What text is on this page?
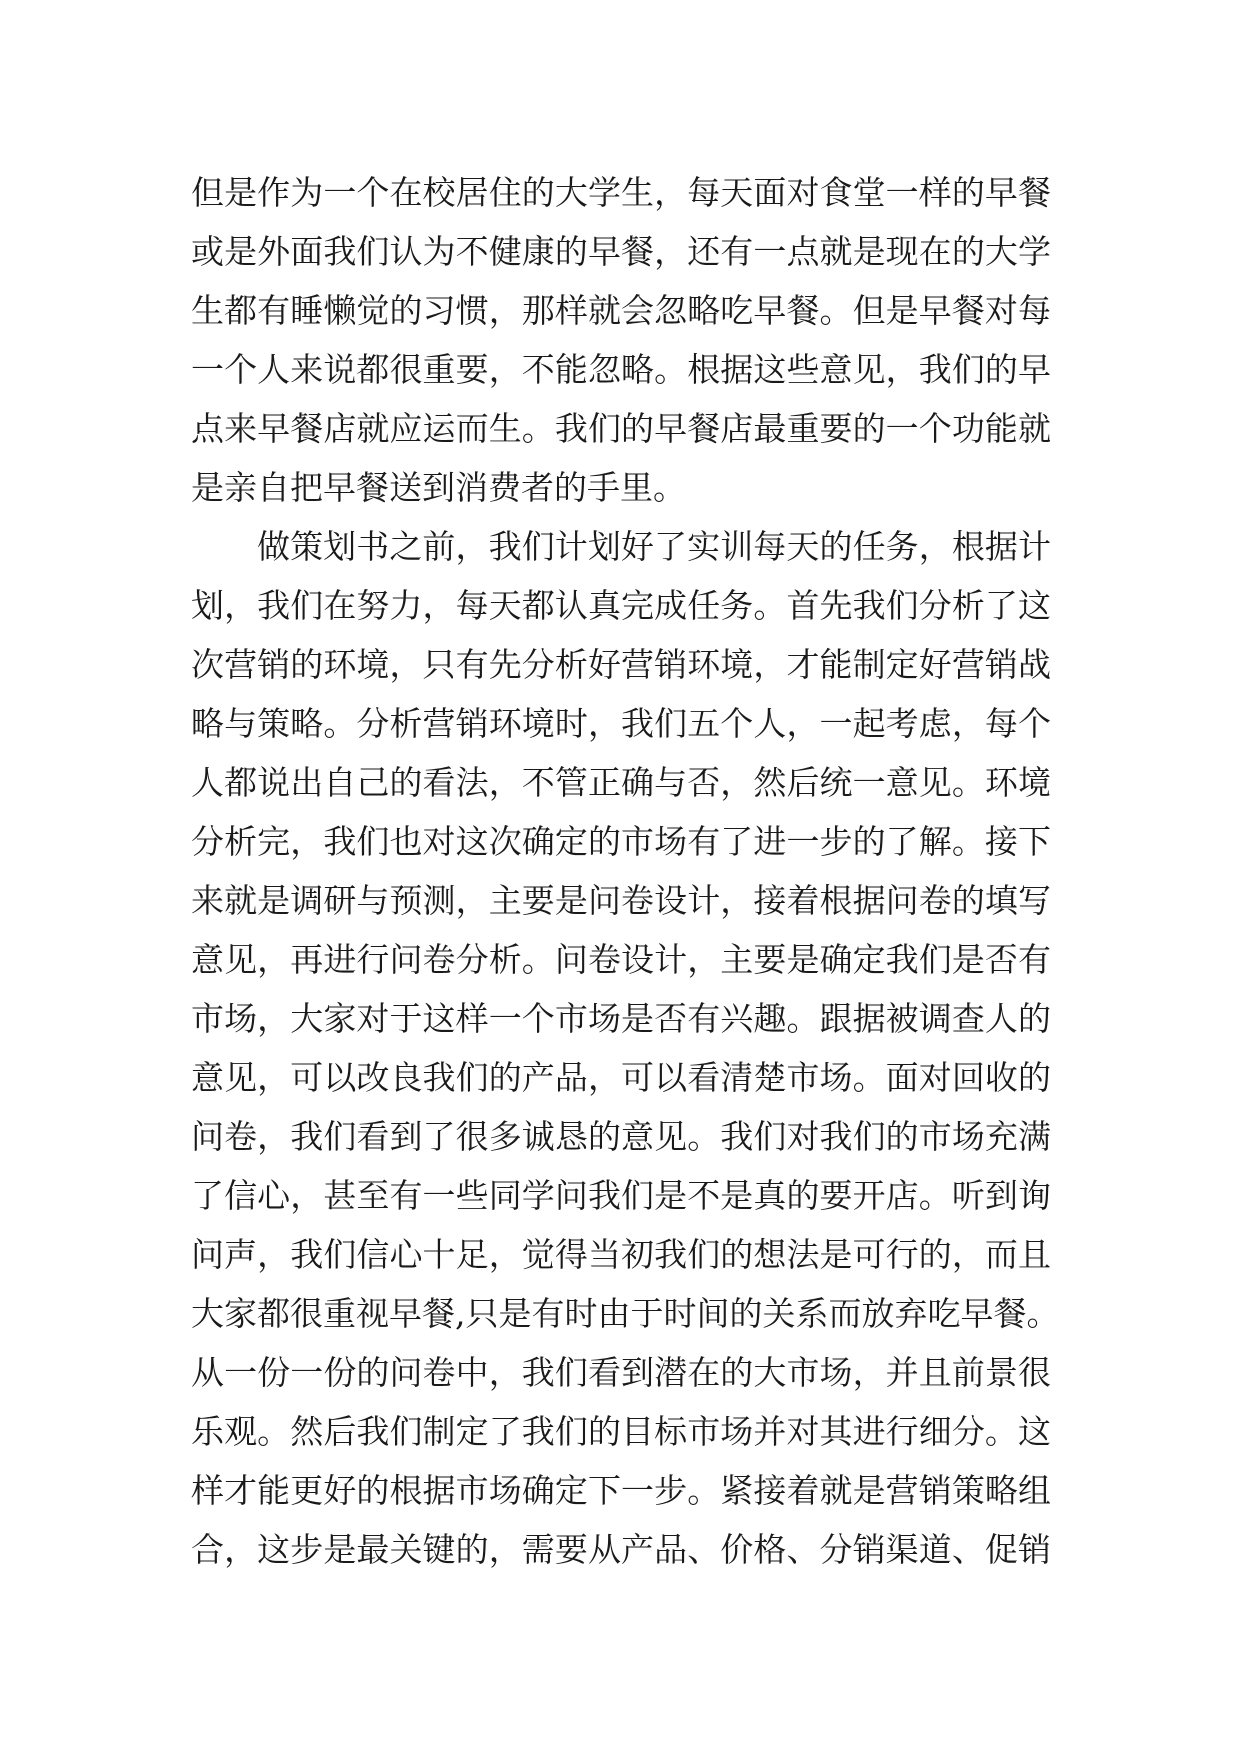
但是作为一个在校居住的大学生，每天面对食堂一样的早餐
或是外面我们认为不健康的早餐，还有一点就是现在的大学
生都有睡懒觉的习惯，那样就会忽略吃早餐。但是早餐对每
一个人来说都很重要，不能忽略。根据这些意见，我们的早
点来早餐店就应运而生。我们的早餐店最重要的一个功能就
是亲自把早餐送到消费者的手里。
做策划书之前，我们计划好了实训每天的任务，根据计
划，我们在努力，每天都认真完成任务。首先我们分析了这
次营销的环境，只有先分析好营销环境，才能制定好营销战
略与策略。分析营销环境时，我们五个人，一起考虑，每个
人都说出自己的看法，不管正确与否，然后统一意见。环境
分析完，我们也对这次确定的市场有了进一步的了解。接下
来就是调研与预测，主要是问卷设计，接着根据问卷的填写
意见，再进行问卷分析。问卷设计，主要是确定我们是否有
市场，大家对于这样一个市场是否有兴趣。跟据被调查人的
意见，可以改良我们的产品，可以看清楚市场。面对回收的
问卷，我们看到了很多诚恳的意见。我们对我们的市场充满
了信心，甚至有一些同学问我们是不是真的要开店。听到询
问声，我们信心十足，觉得当初我们的想法是可行的，而且
大家都很重视早餐,只是有时由于时间的关系而放弃吃早餐。
从一份一份的问卷中，我们看到潜在的大市场，并且前景很
乐观。然后我们制定了我们的目标市场并对其进行细分。这
样才能更好的根据市场确定下一步。紧接着就是营销策略组
合，这步是最关键的，需要从产品、价格、分销渠道、促销
